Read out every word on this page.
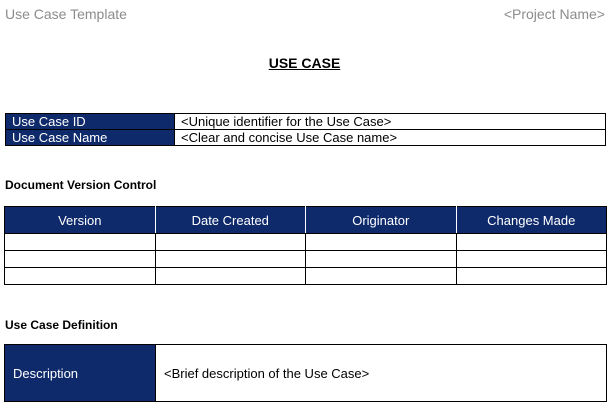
Use Case Template	<Project Name>
USE CASE
Use Case ID	<Unique identifier for the Use Case>
Use Case Name	<Clear and concise Use Case name>
Document Version Control
Version	Date Created	Originator	Changes Made

Use Case Definition
Description	<Brief description of the Use Case>
